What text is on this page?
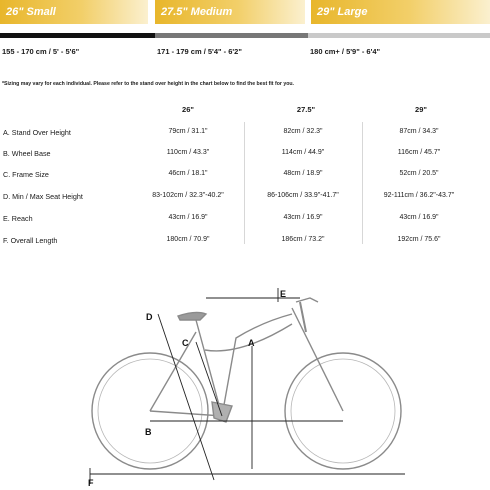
26" Small	27.5" Medium	29" Large
155 - 170 cm / 5' - 5'6"	171 - 179 cm / 5'4" - 6'2"	180 cm+ / 5'9" - 6'4"
*Sizing may vary for each individual. Please refer to the stand over height in the chart below to find the best fit for you.
26"	27.5"	29"
A. Stand Over Height	79cm / 31.1"	82cm / 32.3"	87cm / 34.3"
B. Wheel Base	110cm / 43.3"	114cm / 44.9"	116cm / 45.7"
C. Frame Size	46cm / 18.1"	48cm / 18.9"	52cm / 20.5"
D. Min / Max Seat Height	83-102cm / 32.3"-40.2"	86-106cm / 33.9"-41.7"	92-111cm / 36.2"-43.7"
E. Reach	43cm / 16.9"	43cm / 16.9"	43cm / 16.9"
F. Overall Length	180cm / 70.9"	186cm / 73.2"	192cm / 75.6"
A
B
C
D
E
F
